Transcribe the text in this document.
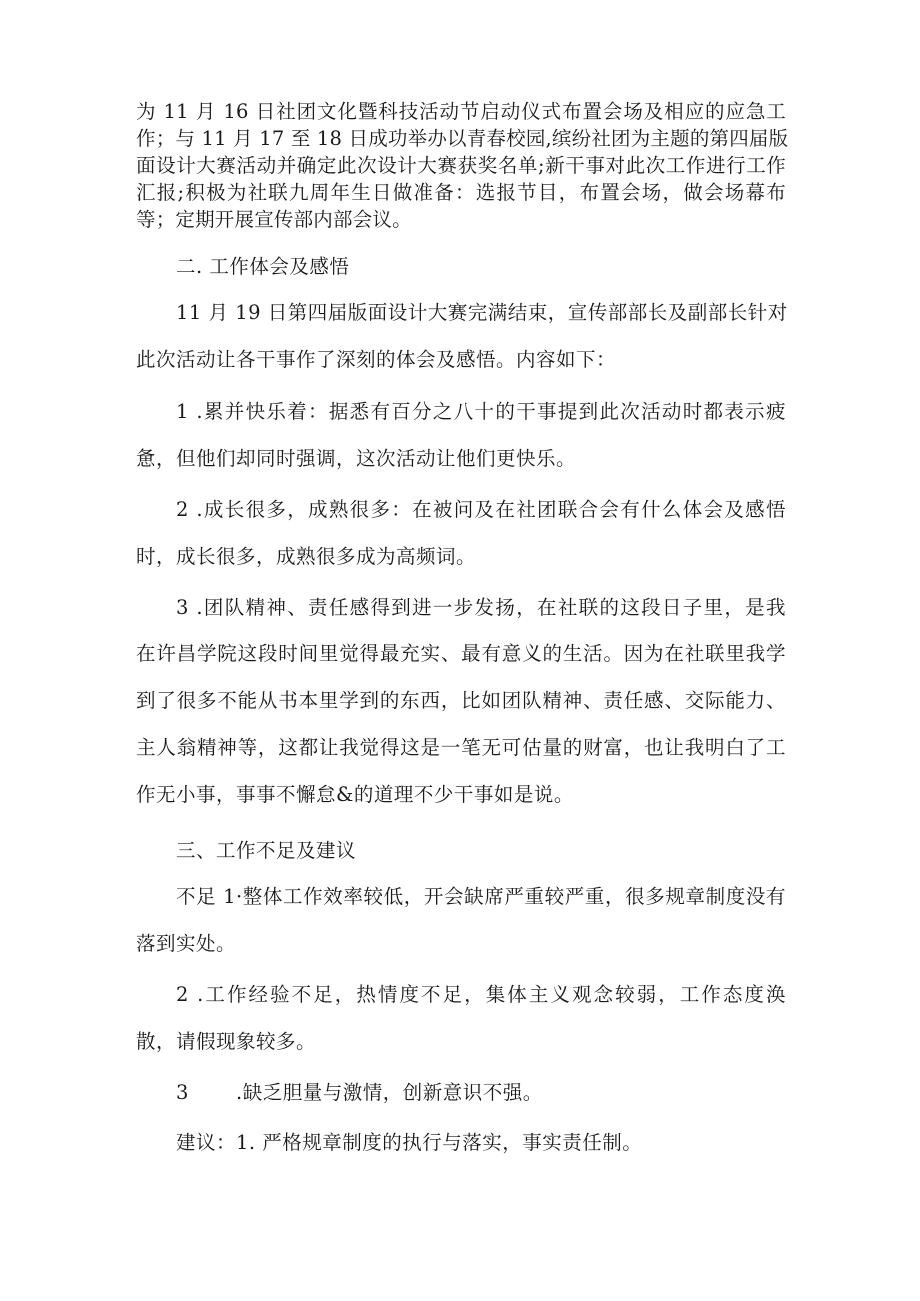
为 11 月 16 日社团文化暨科技活动节启动仪式布置会场及相应的应急工
作；与 11 月 17 至 18 日成功举办以青春校园,缤纷社团为主题的第四届版
面设计大赛活动并确定此次设计大赛获奖名单;新干事对此次工作进行工作
汇报;积极为社联九周年生日做准备：选报节目，布置会场，做会场幕布
等；定期开展宣传部内部会议。
二. 工作体会及感悟
11 月 19 日第四届版面设计大赛完满结束，宣传部部长及副部长针对
此次活动让各干事作了深刻的体会及感悟。内容如下：
1 .累并快乐着：据悉有百分之八十的干事提到此次活动时都表示疲
惫，但他们却同时强调，这次活动让他们更快乐。
2 .成长很多，成熟很多：在被问及在社团联合会有什么体会及感悟
时，成长很多，成熟很多成为高频词。
3 .团队精神、责任感得到进一步发扬，在社联的这段日子里，是我
在许昌学院这段时间里觉得最充实、最有意义的生活。因为在社联里我学
到了很多不能从书本里学到的东西，比如团队精神、责任感、交际能力、
主人翁精神等，这都让我觉得这是一笔无可估量的财富，也让我明白了工
作无小事，事事不懈怠&的道理不少干事如是说。
三、工作不足及建议
不足 1·整体工作效率较低，开会缺席严重较严重，很多规章制度没有
落到实处。
2 .工作经验不足，热情度不足，集体主义观念较弱，工作态度涣
散，请假现象较多。
3	.缺乏胆量与激情，创新意识不强。
建议：1. 严格规章制度的执行与落实，事实责任制。
